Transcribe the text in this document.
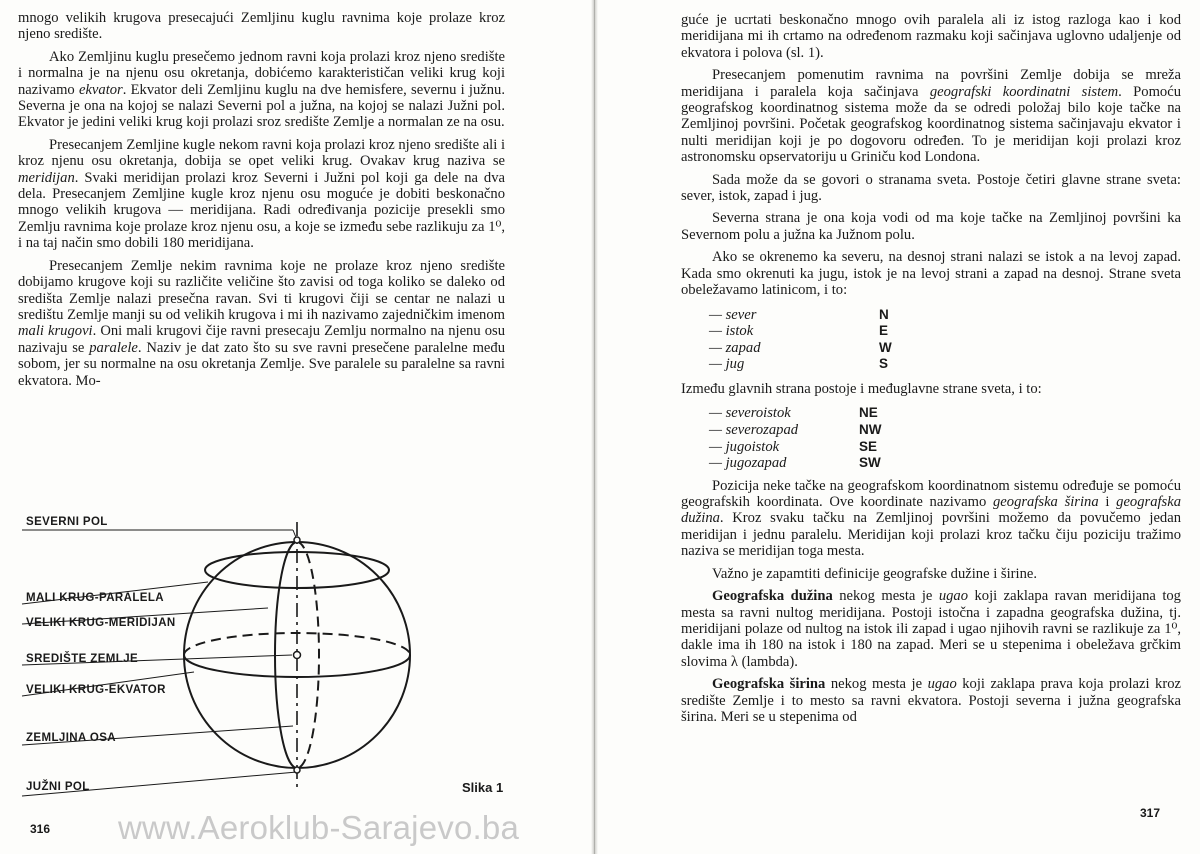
mnogo velikih krugova presecajući Zemljinu kuglu ravnima koje prolaze kroz njeno središte.

Ako Zemljinu kuglu presečemo jednom ravni koja prolazi kroz njeno središte i normalna je na njenu osu okretanja, dobićemo karakterističan veliki krug koji nazivamo ekvator. Ekvator deli Zemljinu kuglu na dve hemisfere, severnu i južnu. Severna je ona na kojoj se nalazi Severni pol a južna, na kojoj se nalazi Južni pol. Ekvator je jedini veliki krug koji prolazi sroz središte Zemlje a normalan ze na osu.

Presecanjem Zemljine kugle nekom ravni koja prolazi kroz njeno središte ali i kroz njenu osu okretanja, dobija se opet veliki krug. Ovakav krug naziva se meridijan. Svaki meridijan prolazi kroz Severni i Južni pol koji ga dele na dva dela. Presecanjem Zemljine kugle kroz njenu osu moguće je dobiti beskonačno mnogo velikih krugova — meridijana. Radi određivanja pozicije presekli smo Zemlju ravnima koje prolaze kroz njenu osu, a koje se između sebe razlikuju za 1⁰, i na taj način smo dobili 180 meridijana.

Presecanjem Zemlje nekim ravnima koje ne prolaze kroz njeno središte dobijamo krugove koji su različite veličine što zavisi od toga koliko se daleko od središta Zemlje nalazi presečna ravan. Svi ti krugovi čiji se centar ne nalazi u središtu Zemlje manji su od velikih krugova i mi ih nazivamo zajedničkim imenom mali krugovi. Oni mali krugovi čije ravni presecaju Zemlju normalno na njenu osu nazivaju se paralele. Naziv je dat zato što su sve ravni presečene paralelne među sobom, jer su normalne na osu okretanja Zemlje. Sve paralele su paralelne sa ravni ekvatora. Mo-

SEVERNI POL
MALI KRUG-PARALELA
VELIKI KRUG-MERIDIJAN
SREDIŠTE ZEMLJE
VELIKI KRUG-EKVATOR
ZEMLJINA OSA
JUŽNI POL	Slika 1
316

guće je ucrtati beskonačno mnogo ovih paralela ali iz istog razloga kao i kod meridijana mi ih crtamo na određenom razmaku koji sačinjava uglovno udaljenje od ekvatora i polova (sl. 1).

Presecanjem pomenutim ravnima na površini Zemlje dobija se mreža meridijana i paralela koja sačinjava geografski koordinatni sistem. Pomoću geografskog koordinatnog sistema može da se odredi položaj bilo koje tačke na Zemljinoj površini. Početak geografskog koordinatnog sistema sačinjavaju ekvator i nulti meridijan koji je po dogovoru određen. To je meridijan koji prolazi kroz astronomsku opservatoriju u Griniču kod Londona.

Sada može da se govori o stranama sveta. Postoje četiri glavne strane sveta: sever, istok, zapad i jug.

Severna strana je ona koja vodi od ma koje tačke na Zemljinoj površini ka Severnom polu a južna ka Južnom polu.

Ako se okrenemo ka severu, na desnoj strani nalazi se istok a na levoj zapad. Kada smo okrenuti ka jugu, istok je na levoj strani a zapad na desnoj. Strane sveta obeležavamo latinicom, i to:

— sever	N
— istok	E
— zapad	W
— jug	S

Između glavnih strana postoje i međuglavne strane sveta, i to:

— severoistok	NE
— severozapad	NW
— jugoistok	SE
— jugozapad	SW

Pozicija neke tačke na geografskom koordinatnom sistemu određuje se pomoću geografskih koordinata. Ove koordinate nazivamo geografska širina i geografska dužina. Kroz svaku tačku na Zemljinoj površini možemo da povučemo jedan meridijan i jednu paralelu. Meridijan koji prolazi kroz tačku čiju poziciju tražimo naziva se meridijan toga mesta.

Važno je zapamtiti definicije geografske dužine i širine.

Geografska dužina nekog mesta je ugao koji zaklapa ravan meridijana tog mesta sa ravni nultog meridijana. Postoji istočna i zapadna geografska dužina, tj. meridijani polaze od nultog na istok ili zapad i ugao njihovih ravni se razlikuje za 1⁰, dakle ima ih 180 na istok i 180 na zapad. Meri se u stepenima i obeležava grčkim slovima λ (lambda).

Geografska širina nekog mesta je ugao koji zaklapa prava koja prolazi kroz središte Zemlje i to mesto sa ravni ekvatora. Postoji severna i južna geografska širina. Meri se u stepenima od

317
www.Aeroklub-Sarajevo.ba
